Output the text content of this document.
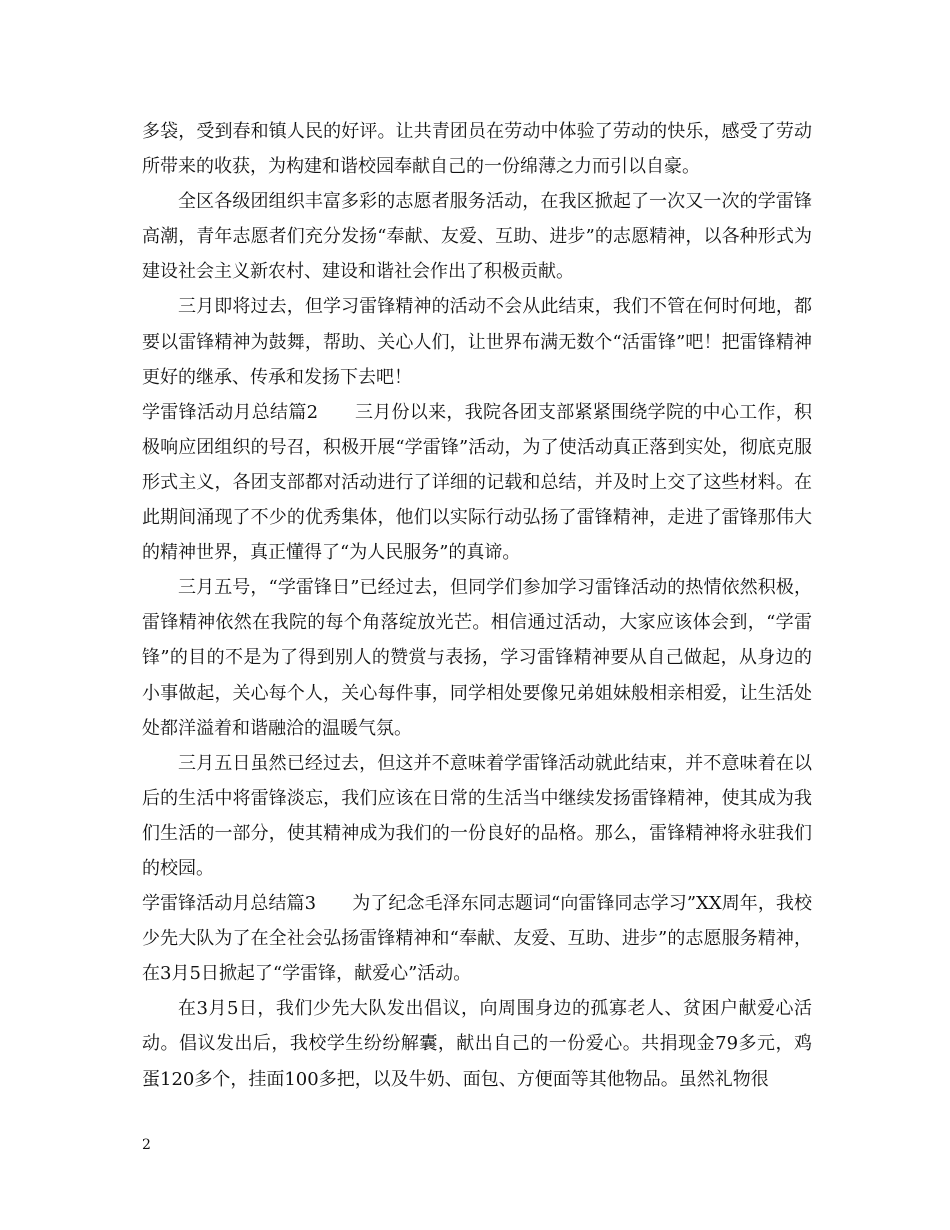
多袋，受到春和镇人民的好评。让共青团员在劳动中体验了劳动的快乐，感受了劳动所带来的收获，为构建和谐校园奉献自己的一份绵薄之力而引以自豪。

全区各级团组织丰富多彩的志愿者服务活动，在我区掀起了一次又一次的学雷锋高潮，青年志愿者们充分发扬“奉献、友爱、互助、进步”的志愿精神，以各种形式为建设社会主义新农村、建设和谐社会作出了积极贡献。

三月即将过去，但学习雷锋精神的活动不会从此结束，我们不管在何时何地，都要以雷锋精神为鼓舞，帮助、关心人们，让世界布满无数个“活雷锋”吧！把雷锋精神更好的继承、传承和发扬下去吧！

学雷锋活动月总结篇2　　三月份以来，我院各团支部紧紧围绕学院的中心工作，积极响应团组织的号召，积极开展“学雷锋”活动，为了使活动真正落到实处，彻底克服形式主义，各团支部都对活动进行了详细的记载和总结，并及时上交了这些材料。在此期间涌现了不少的优秀集体，他们以实际行动弘扬了雷锋精神，走进了雷锋那伟大的精神世界，真正懂得了“为人民服务”的真谛。

三月五号，“学雷锋日”已经过去，但同学们参加学习雷锋活动的热情依然积极，雷锋精神依然在我院的每个角落绽放光芒。相信通过活动，大家应该体会到，“学雷锋”的目的不是为了得到别人的赞赏与表扬，学习雷锋精神要从自己做起，从身边的小事做起，关心每个人，关心每件事，同学相处要像兄弟姐妹般相亲相爱，让生活处处都洋溢着和谐融洽的温暖气氛。

三月五日虽然已经过去，但这并不意味着学雷锋活动就此结束，并不意味着在以后的生活中将雷锋淡忘，我们应该在日常的生活当中继续发扬雷锋精神，使其成为我们生活的一部分，使其精神成为我们的一份良好的品格。那么，雷锋精神将永驻我们的校园。

学雷锋活动月总结篇3　　为了纪念毛泽东同志题词“向雷锋同志学习”XX周年，我校少先大队为了在全社会弘扬雷锋精神和“奉献、友爱、互助、进步”的志愿服务精神，在3月5日掀起了“学雷锋，献爱心”活动。

在3月5日，我们少先大队发出倡议，向周围身边的孤寡老人、贫困户献爱心活动。倡议发出后，我校学生纷纷解囊，献出自己的一份爱心。共捐现金79多元，鸡蛋120多个，挂面100多把，以及牛奶、面包、方便面等其他物品。虽然礼物很

2
